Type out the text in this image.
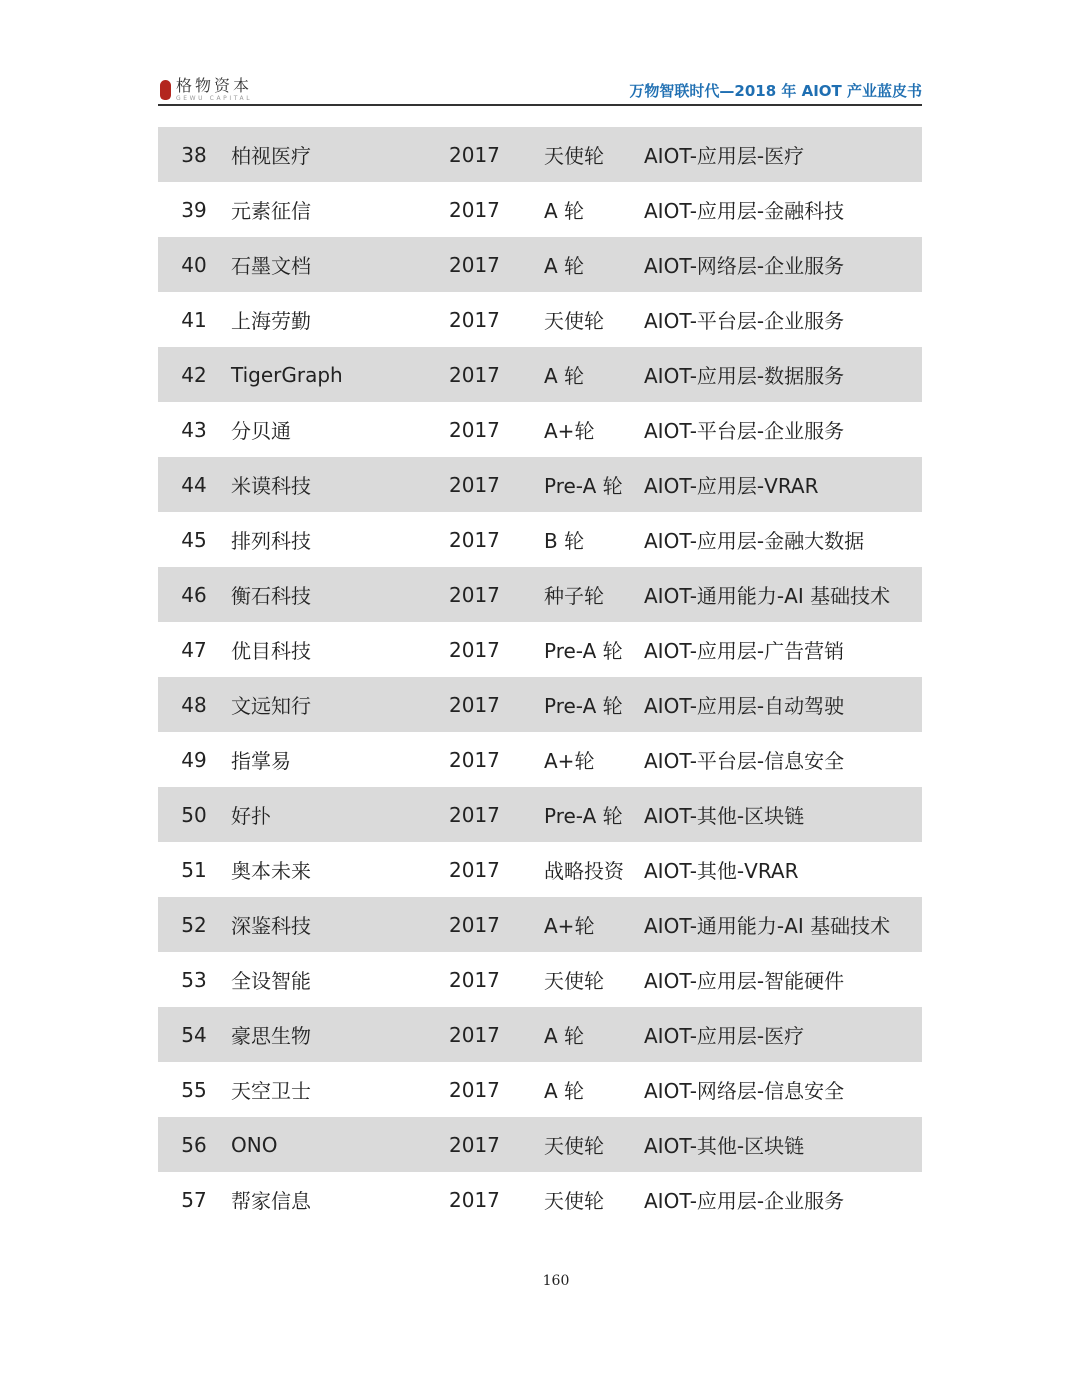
格物资本
GEWU CAPITAL	万物智联时代—2018 年 AIOT 产业蓝皮书
38	柏视医疗	2017	天使轮	AIOT-应用层-医疗
39	元素征信	2017	A 轮	AIOT-应用层-金融科技
40	石墨文档	2017	A 轮	AIOT-网络层-企业服务
41	上海劳勤	2017	天使轮	AIOT-平台层-企业服务
42	TigerGraph	2017	A 轮	AIOT-应用层-数据服务
43	分贝通	2017	A+轮	AIOT-平台层-企业服务
44	米谟科技	2017	Pre-A 轮	AIOT-应用层-VRAR
45	排列科技	2017	B 轮	AIOT-应用层-金融大数据
46	衡石科技	2017	种子轮	AIOT-通用能力-AI 基础技术
47	优目科技	2017	Pre-A 轮	AIOT-应用层-广告营销
48	文远知行	2017	Pre-A 轮	AIOT-应用层-自动驾驶
49	指掌易	2017	A+轮	AIOT-平台层-信息安全
50	好扑	2017	Pre-A 轮	AIOT-其他-区块链
51	奥本未来	2017	战略投资	AIOT-其他-VRAR
52	深鉴科技	2017	A+轮	AIOT-通用能力-AI 基础技术
53	全设智能	2017	天使轮	AIOT-应用层-智能硬件
54	豪思生物	2017	A 轮	AIOT-应用层-医疗
55	天空卫士	2017	A 轮	AIOT-网络层-信息安全
56	ONO	2017	天使轮	AIOT-其他-区块链
57	帮家信息	2017	天使轮	AIOT-应用层-企业服务
160
